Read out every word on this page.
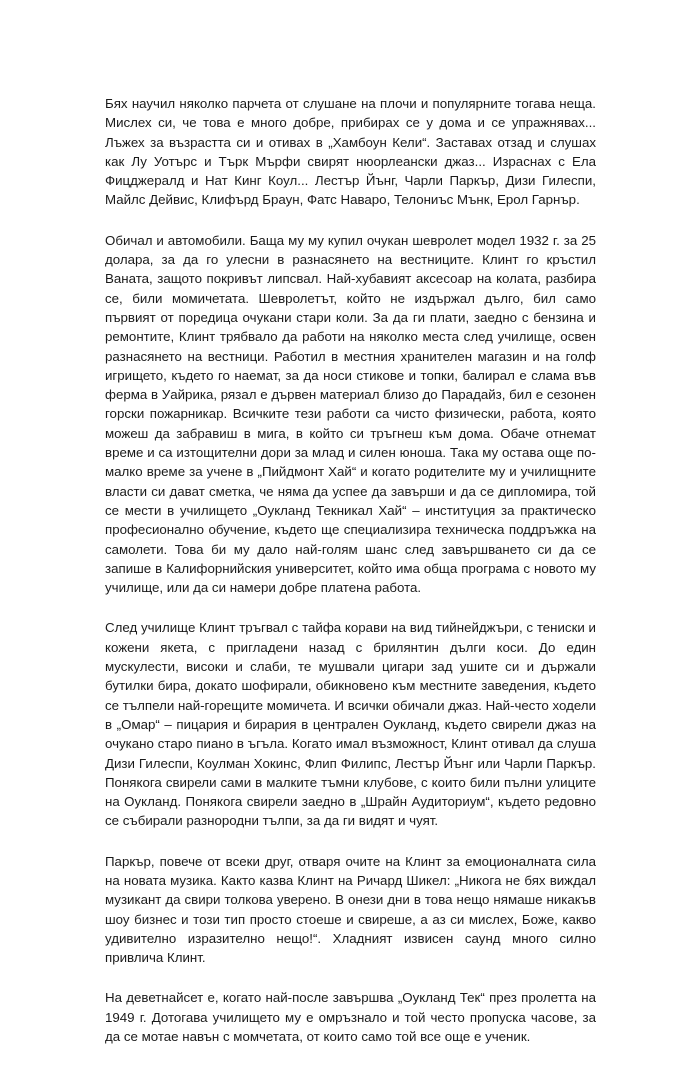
Бях научил няколко парчета от слушане на плочи и популярните тогава неща. Мислех си, че това е много добре, прибирах се у дома и се упражнявах... Лъжех за възрастта си и отивах в „Хамбоун Кели“. Заставах отзад и слушах как Лу Уотърс и Търк Мърфи свирят нюорлеански джаз... Израснах с Ела Фицджералд и Нат Кинг Коул... Лестър Йънг, Чарли Паркър, Дизи Гилеспи, Майлс Дейвис, Клифърд Браун, Фатс Наваро, Телониъс Мънк, Ерол Гарнър.

Обичал и автомобили. Баща му му купил очукан шевролет модел 1932 г. за 25 долара, за да го улесни в разнасянето на вестниците. Клинт го кръстил Ваната, защото покривът липсвал. Най-хубавият аксесоар на колата, разбира се, били момичетата. Шевролетът, който не издържал дълго, бил само първият от поредица очукани стари коли. За да ги плати, заедно с бензина и ремонтите, Клинт трябвало да работи на няколко места след училище, освен разнасянето на вестници. Работил в местния хранителен магазин и на голф игрището, където го наемат, за да носи стикове и топки, балирал е слама във ферма в Уайрика, рязал е дървен материал близо до Парадайз, бил е сезонен горски пожарникар. Всичките тези работи са чисто физически, работа, която можеш да забравиш в мига, в който си тръгнеш към дома. Обаче отнемат време и са изтощителни дори за млад и силен юноша. Така му остава още по-малко време за учене в „Пийдмонт Хай“ и когато родителите му и училищните власти си дават сметка, че няма да успее да завърши и да се дипломира, той се мести в училището „Оукланд Текникал Хай“ – институция за практическо професионално обучение, където ще специализира техническа поддръжка на самолети. Това би му дало най-голям шанс след завършването си да се запише в Калифорнийския университет, който има обща програма с новото му училище, или да си намери добре платена работа.

След училище Клинт тръгвал с тайфа корави на вид тийнейджъри, с тениски и кожени якета, с пригладени назад с брилянтин дълги коси. До един мускулести, високи и слаби, те мушвали цигари зад ушите си и държали бутилки бира, докато шофирали, обикновено към местните заведения, където се тълпели най-горещите момичета. И всички обичали джаз. Най-често ходели в „Омар“ – пицария и бирария в централен Оукланд, където свирели джаз на очукано старо пиано в ъгъла. Когато имал възможност, Клинт отивал да слуша Дизи Гилеспи, Коулман Хокинс, Флип Филипс, Лестър Йънг или Чарли Паркър. Понякога свирели сами в малките тъмни клубове, с които били пълни улиците на Оукланд. Понякога свирели заедно в „Шрайн Аудиториум“, където редовно се събирали разнородни тълпи, за да ги видят и чуят.

Паркър, повече от всеки друг, отваря очите на Клинт за емоционалната сила на новата музика. Както казва Клинт на Ричард Шикел: „Никога не бях виждал музикант да свири толкова уверено. В онези дни в това нещо нямаше никакъв шоу бизнес и този тип просто стоеше и свиреше, а аз си мислех, Боже, какво удивително изразително нещо!“. Хладният извисен саунд много силно привлича Клинт.

На деветнайсет е, когато най-после завършва „Оукланд Тек“ през пролетта на 1949 г. Дотогава училището му е омръзнало и той често пропуска часове, за да се мотае навън с момчетата, от които само той все още е ученик.
